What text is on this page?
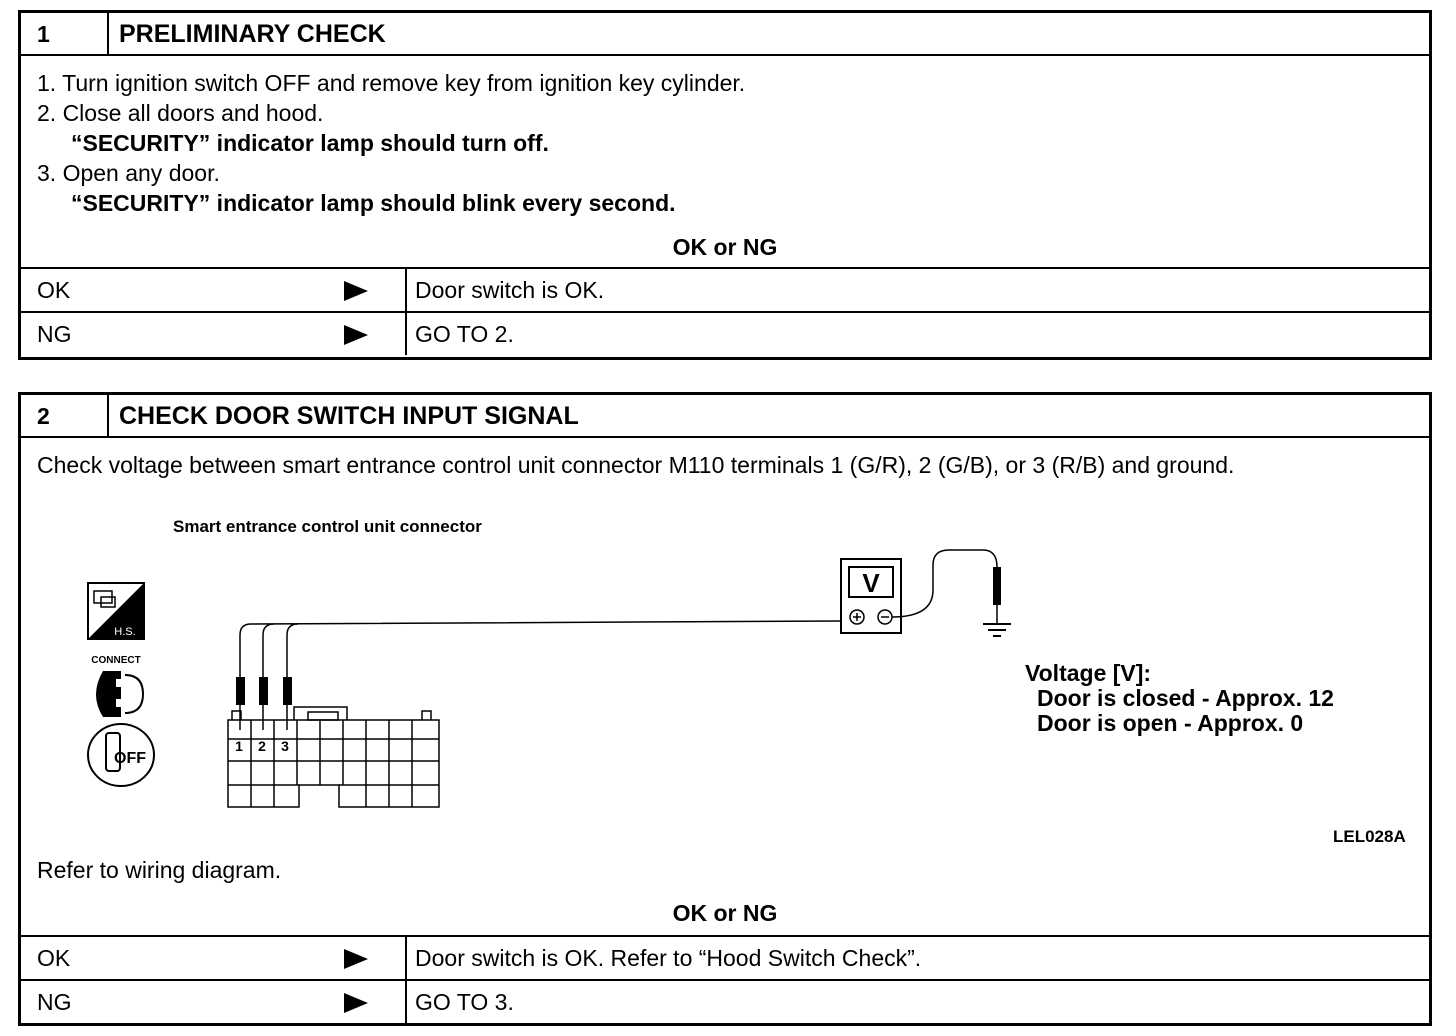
1	PRELIMINARY CHECK
1. Turn ignition switch OFF and remove key from ignition key cylinder.
2. Close all doors and hood.
“SECURITY” indicator lamp should turn off.
3. Open any door.
“SECURITY” indicator lamp should blink every second.
OK or NG
OK	Door switch is OK.
NG	GO TO 2.
2	CHECK DOOR SWITCH INPUT SIGNAL
Check voltage between smart entrance control unit connector M110 terminals 1 (G/R), 2 (G/B), or 3 (R/B) and ground.
Smart entrance control unit connector
H.S.
CONNECT
OFF
1 2 3
V
Voltage [V]:
Door is closed - Approx. 12
Door is open - Approx. 0
LEL028A
Refer to wiring diagram.
OK or NG
OK	Door switch is OK. Refer to “Hood Switch Check”.
NG	GO TO 3.
